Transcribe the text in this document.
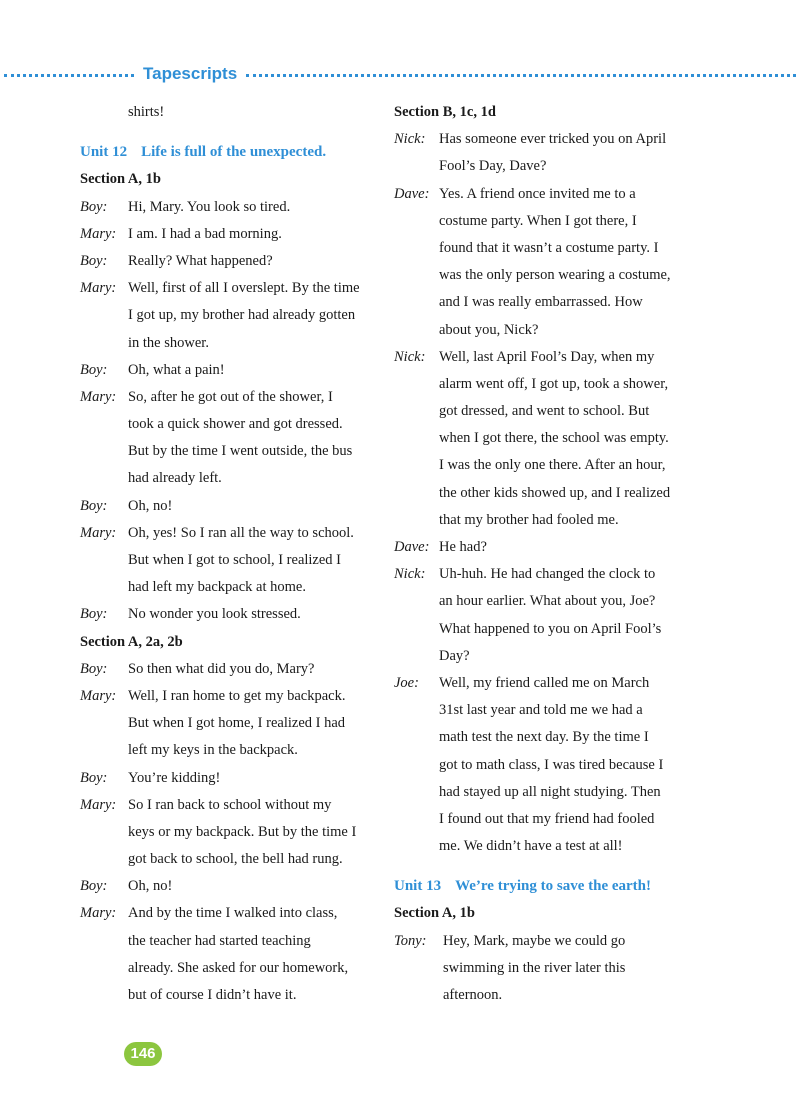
Tapescripts
shirts!
Unit 12 Life is full of the unexpected.
Section A, 1b
Boy: Hi, Mary. You look so tired.
Mary: I am. I had a bad morning.
Boy: Really? What happened?
Mary: Well, first of all I overslept. By the time
I got up, my brother had already gotten
in the shower.
Boy: Oh, what a pain!
Mary: So, after he got out of the shower, I
took a quick shower and got dressed.
But by the time I went outside, the bus
had already left.
Boy: Oh, no!
Mary: Oh, yes! So I ran all the way to school.
But when I got to school, I realized I
had left my backpack at home.
Boy: No wonder you look stressed.
Section A, 2a, 2b
Boy: So then what did you do, Mary?
Mary: Well, I ran home to get my backpack.
But when I got home, I realized I had
left my keys in the backpack.
Boy: You’re kidding!
Mary: So I ran back to school without my
keys or my backpack. But by the time I
got back to school, the bell had rung.
Boy: Oh, no!
Mary: And by the time I walked into class,
the teacher had started teaching
already. She asked for our homework,
but of course I didn’t have it.
Section B, 1c, 1d
Nick: Has someone ever tricked you on April
Fool’s Day, Dave?
Dave: Yes. A friend once invited me to a
costume party. When I got there, I
found that it wasn’t a costume party. I
was the only person wearing a costume,
and I was really embarrassed. How
about you, Nick?
Nick: Well, last April Fool’s Day, when my
alarm went off, I got up, took a shower,
got dressed, and went to school. But
when I got there, the school was empty.
I was the only one there. After an hour,
the other kids showed up, and I realized
that my brother had fooled me.
Dave: He had?
Nick: Uh-huh. He had changed the clock to
an hour earlier. What about you, Joe?
What happened to you on April Fool’s
Day?
Joe: Well, my friend called me on March
31st last year and told me we had a
math test the next day. By the time I
got to math class, I was tired because I
had stayed up all night studying. Then
I found out that my friend had fooled
me. We didn’t have a test at all!
Unit 13 We’re trying to save the earth!
Section A, 1b
Tony: Hey, Mark, maybe we could go
swimming in the river later this
afternoon.
146
